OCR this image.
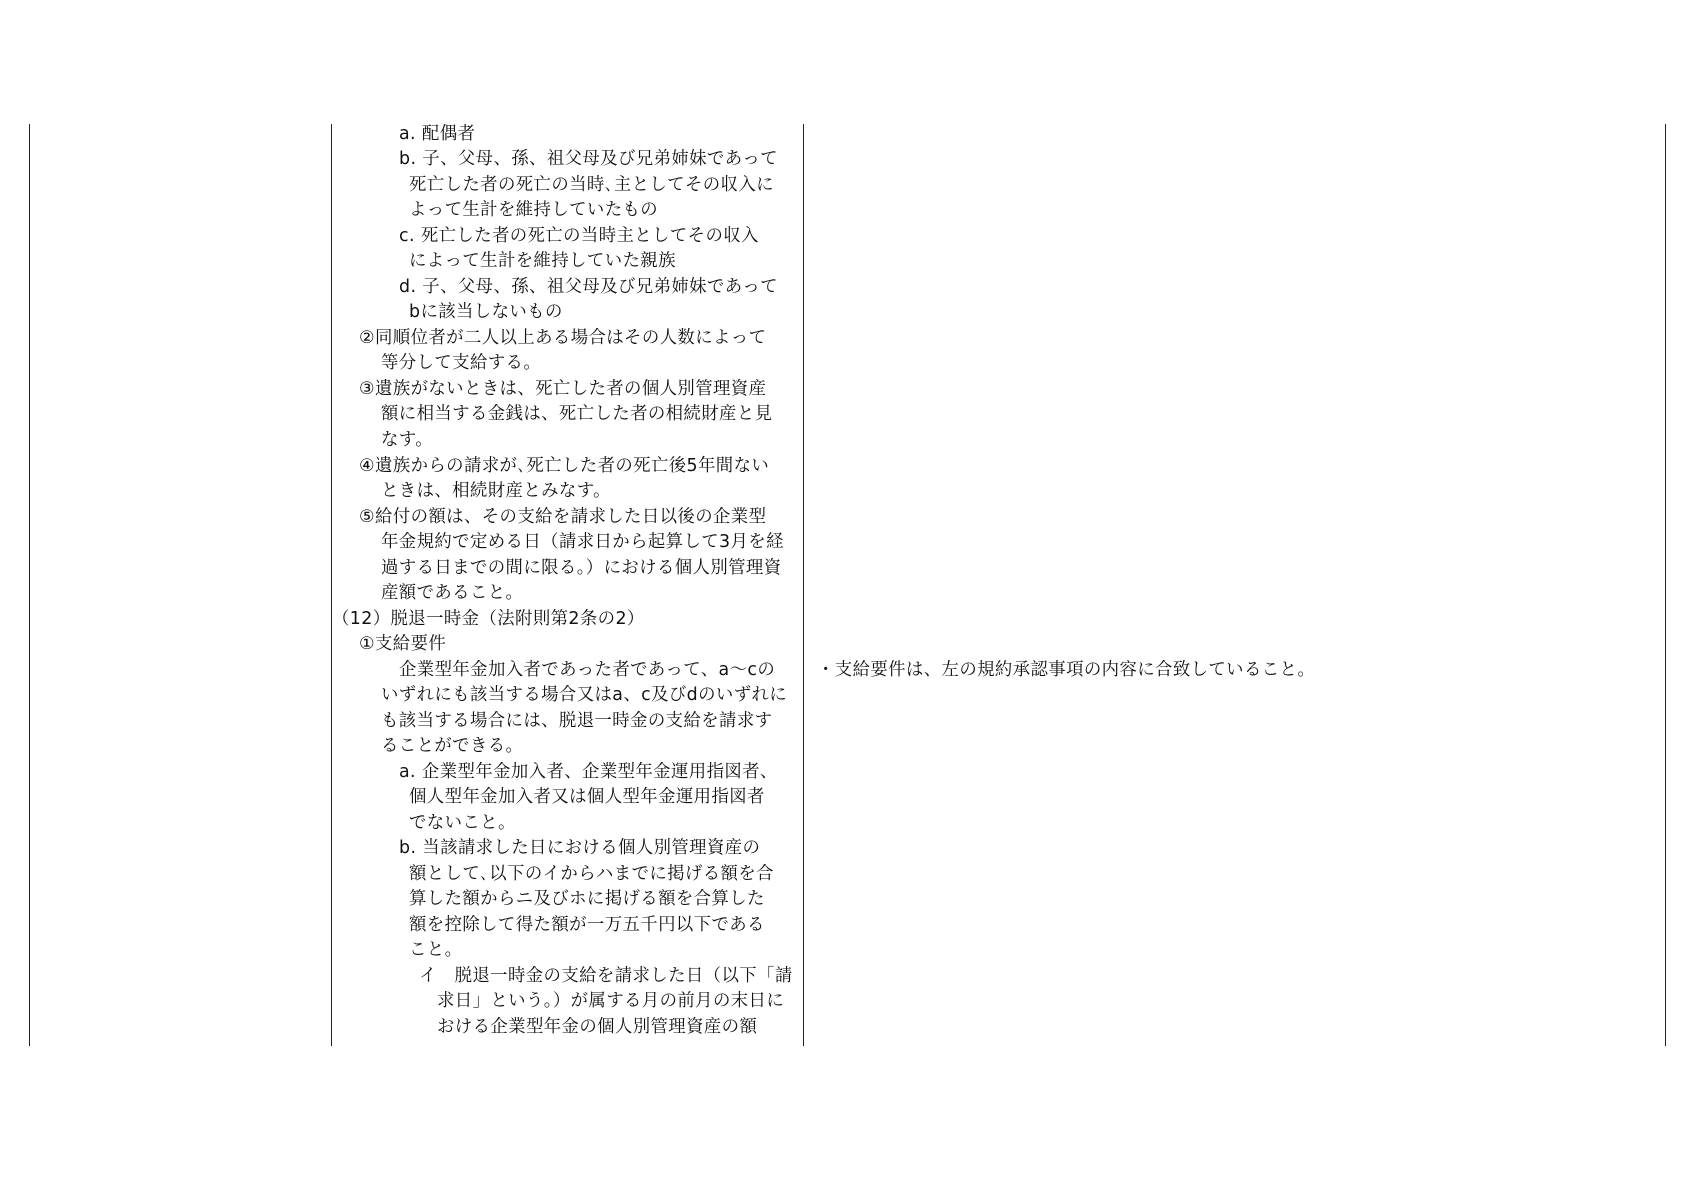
a. 配偶者
b. 子、父母、孫、祖父母及び兄弟姉妹であって
死亡した者の死亡の当時､主としてその収入に
よって生計を維持していたもの
c. 死亡した者の死亡の当時主としてその収入
によって生計を維持していた親族
d. 子、父母、孫、祖父母及び兄弟姉妹であって
bに該当しないもの
②同順位者が二人以上ある場合はその人数によって
等分して支給する。
③遺族がないときは、死亡した者の個人別管理資産
額に相当する金銭は、死亡した者の相続財産と見
なす。
④遺族からの請求が､死亡した者の死亡後5年間ない
ときは、相続財産とみなす。
⑤給付の額は、その支給を請求した日以後の企業型
年金規約で定める日（請求日から起算して3月を経
過する日までの間に限る。）における個人別管理資
産額であること。
（12）脱退一時金（法附則第2条の2）
①支給要件
企業型年金加入者であった者であって、a～cの
いずれにも該当する場合又はa、c及びdのいずれに
も該当する場合には、脱退一時金の支給を請求す
ることができる。
a. 企業型年金加入者、企業型年金運用指図者、
個人型年金加入者又は個人型年金運用指図者
でないこと。
b. 当該請求した日における個人別管理資産の
額として､以下のイからハまでに掲げる額を合
算した額からニ及びホに掲げる額を合算した
額を控除して得た額が一万五千円以下である
こと。
イ　脱退一時金の支給を請求した日（以下「請
求日」という。）が属する月の前月の末日に
おける企業型年金の個人別管理資産の額
・支給要件は、左の規約承認事項の内容に合致していること。
